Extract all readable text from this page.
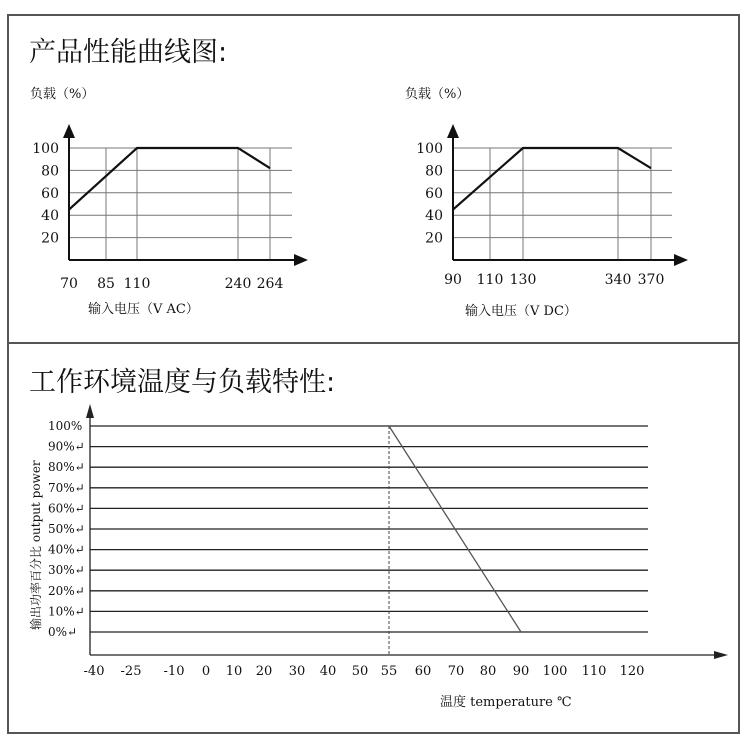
产品性能曲线图:
工作环境温度与负载特性:
负载（%）
20
40
60
80
100
70 85 110	240 264
输入电压（V AC）
负载（%）
20
40
60
80
100
90 110 130	340 370
输入电压（V DC）
0%↵
10%↵
20%↵
30%↵
40%↵
50%↵
60%↵
70%↵
80%↵
90%↵
100%
-40 -25 -10 0 10 20 30 40 50 55 60 70 80 90 100 110 120
输出功率百分比 output power
温度 temperature ℃
